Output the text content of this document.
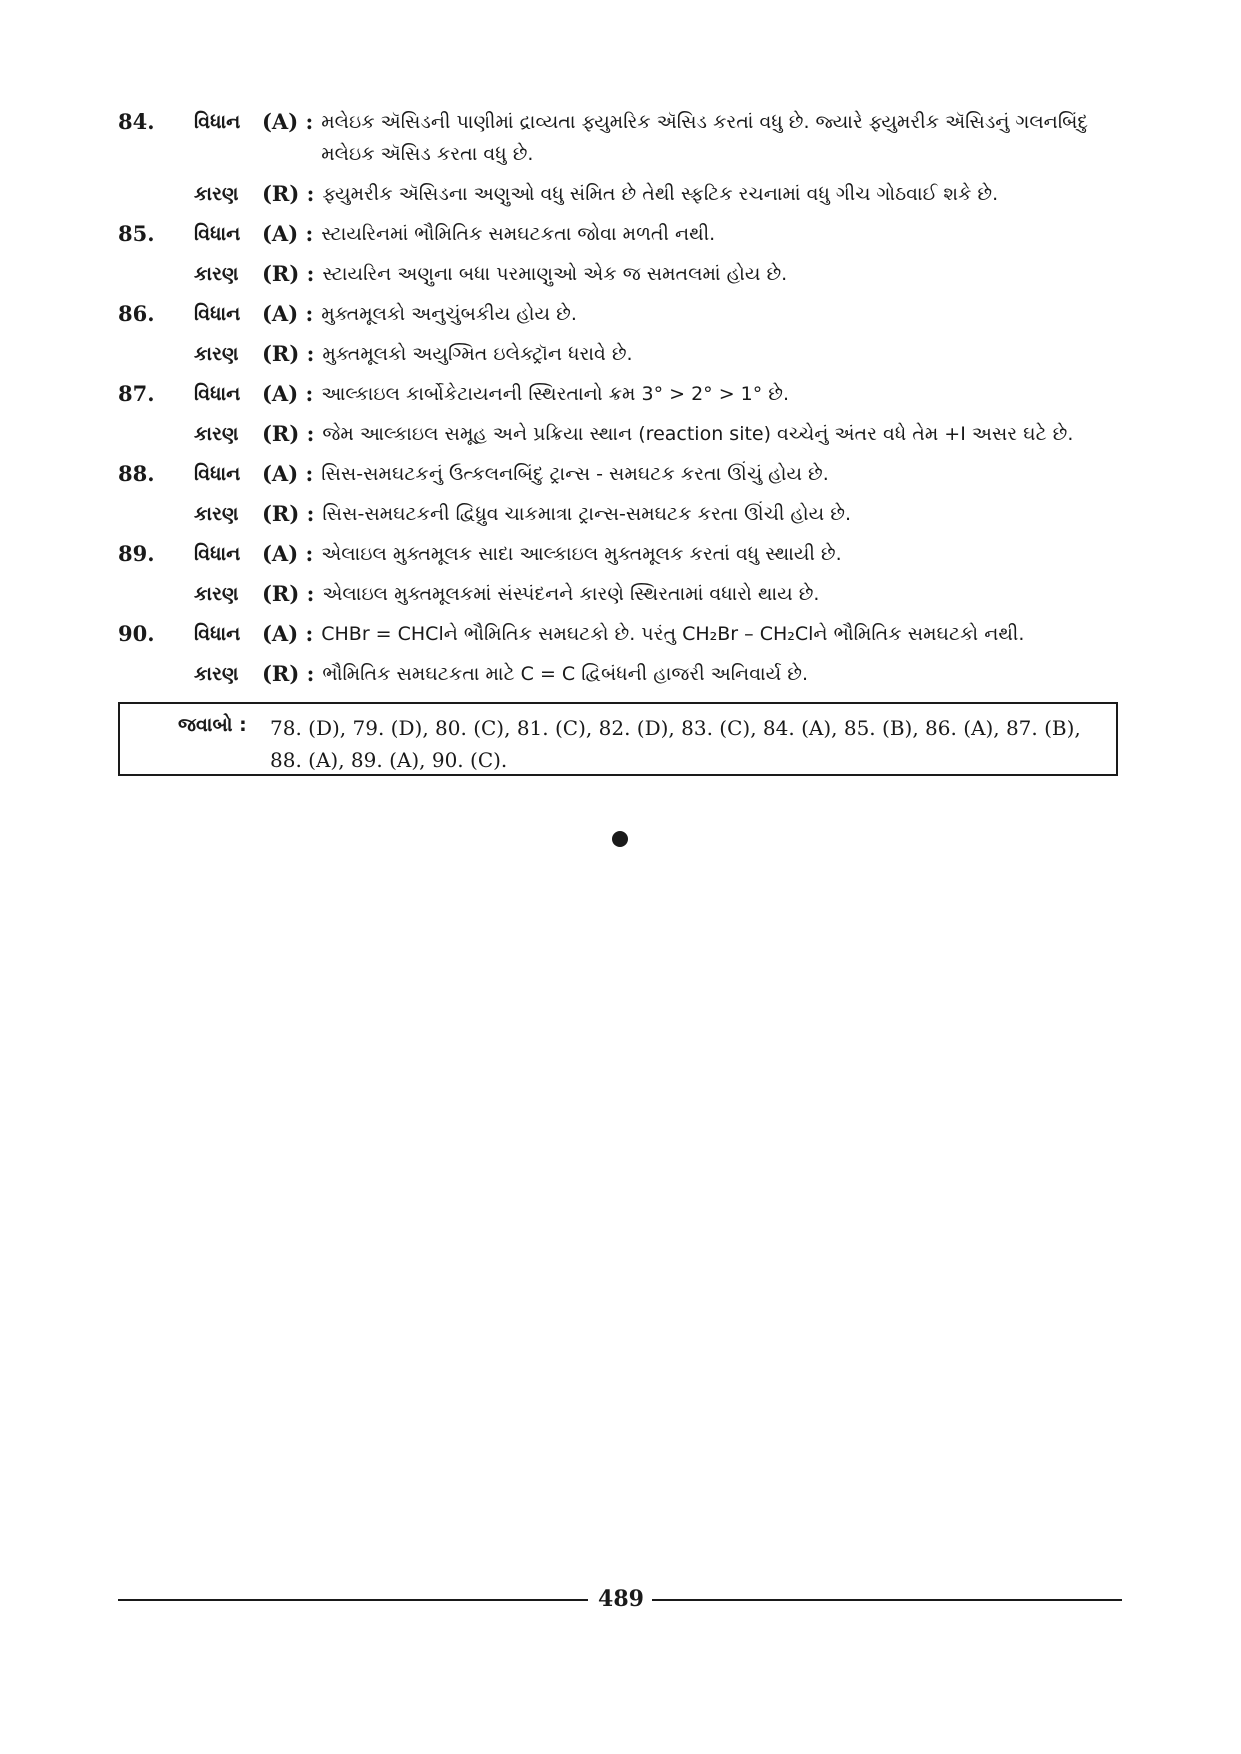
84.	વિધાન	(A) : મલેઇક ઍસિડની પાણીમાં દ્રાવ્યતા ફ્યુમરિક ઍસિડ કરતાં વધુ છે. જ્યારે ફ્યુમરીક ઍસિડનું ગલનબિંદુ મલેઇક ઍસિડ કરતા વધુ છે.
કારણ	(R) : ફ્યુમરીક ઍસિડના અણુઓ વધુ સંમિત છે તેથી સ્ફટિક રચનામાં વધુ ગીચ ગોઠવાઈ શકે છે.
85.	વિધાન	(A) : સ્ટાયરિનમાં ભૌમિતિક સમઘટકતા જોવા મળતી નથી.
કારણ	(R) : સ્ટાયરિન અણુના બધા પરમાણુઓ એક જ સમતલમાં હોય છે.
86.	વિધાન	(A) : મુક્તમૂલકો અનુચુંબકીય હોય છે.
કારણ	(R) : મુક્તમૂલકો અયુગ્મિત ઇલેક્ટ્રૉન ધરાવે છે.
87.	વિધાન	(A) : આલ્કાઇલ કાર્બોકેટાયનની સ્થિરતાનો ક્રમ 3° > 2° > 1° છે.
કારણ	(R) : જેમ આલ્કાઇલ સમૂહ અને પ્રક્રિયા સ્થાન (reaction site) વચ્ચેનું અંતર વધે તેમ +I અસર ઘટે છે.
88.	વિધાન	(A) : સિસ-સમઘટકનું ઉત્કલનબિંદુ ટ્રાન્સ - સમઘટક કરતા ઊંચું હોય છે.
કારણ	(R) : સિસ-સમઘટકની દ્વિધ્રુવ ચાકમાત્રા ટ્રાન્સ-સમઘટક કરતા ઊંચી હોય છે.
89.	વિધાન	(A) : એલાઇલ મુક્તમૂલક સાદા આલ્કાઇલ મુક્તમૂલક કરતાં વધુ સ્થાયી છે.
કારણ	(R) : એલાઇલ મુક્તમૂલકમાં સંસ્પંદનને કારણે સ્થિરતામાં વધારો થાય છે.
90.	વિધાન	(A) : CHBr = CHClને ભૌમિતિક સમઘટકો છે. પરંતુ CH₂Br – CH₂Clને ભૌમિતિક સમઘટકો નથી.
કારણ	(R) : ભૌમિતિક સમઘટકતા માટે C = C દ્વિબંધની હાજરી અનિવાર્ય છે.
જવાબો : 78. (D), 79. (D), 80. (C), 81. (C), 82. (D), 83. (C), 84. (A), 85. (B), 86. (A), 87. (B),
88. (A), 89. (A), 90. (C).
489
